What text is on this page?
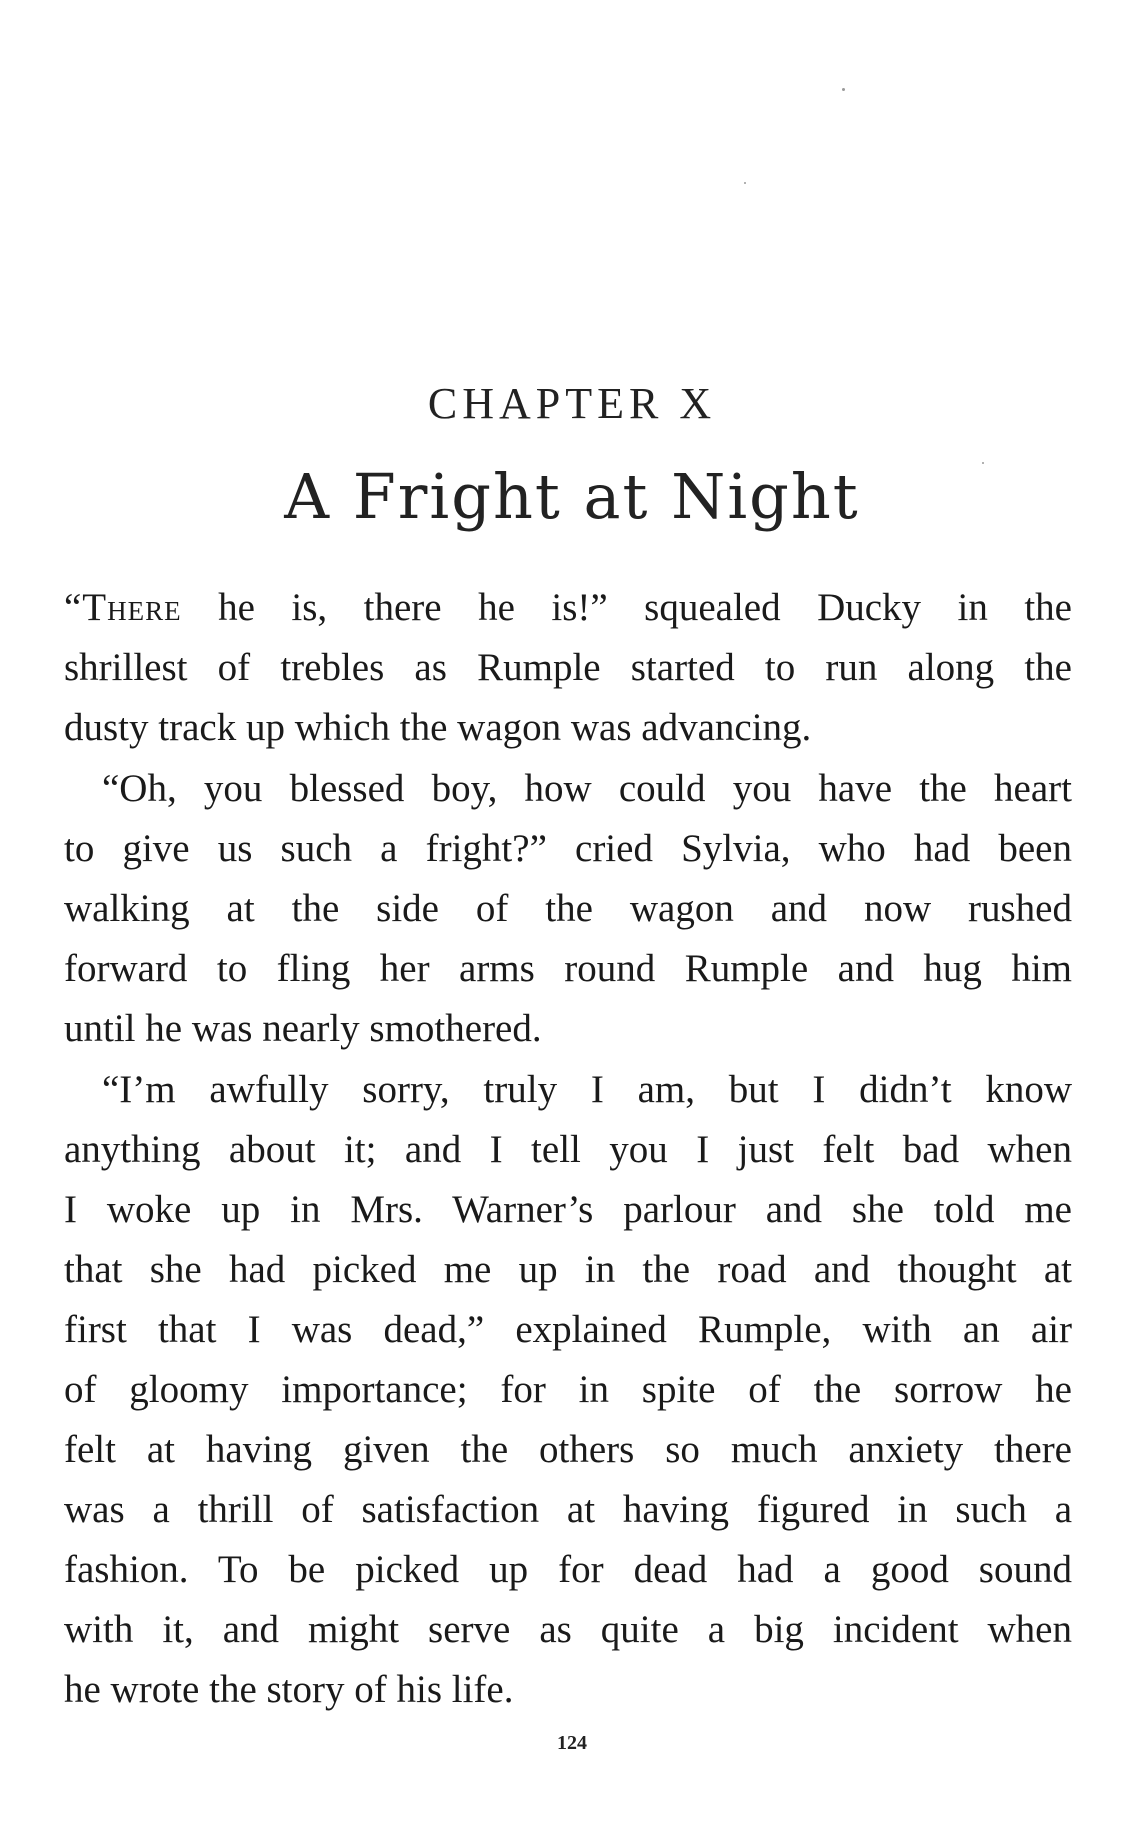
CHAPTER X
A Fright at Night
“There he is, there he is!” squealed Ducky in the
shrillest of trebles as Rumple started to run along the
dusty track up which the wagon was advancing.
“Oh, you blessed boy, how could you have the heart
to give us such a fright?” cried Sylvia, who had been
walking at the side of the wagon and now rushed
forward to fling her arms round Rumple and hug him
until he was nearly smothered.
“I’m awfully sorry, truly I am, but I didn’t know
anything about it; and I tell you I just felt bad when
I woke up in Mrs. Warner’s parlour and she told me
that she had picked me up in the road and thought at
first that I was dead,” explained Rumple, with an air
of gloomy importance; for in spite of the sorrow he
felt at having given the others so much anxiety there
was a thrill of satisfaction at having figured in such a
fashion. To be picked up for dead had a good sound
with it, and might serve as quite a big incident when
he wrote the story of his life.
124
